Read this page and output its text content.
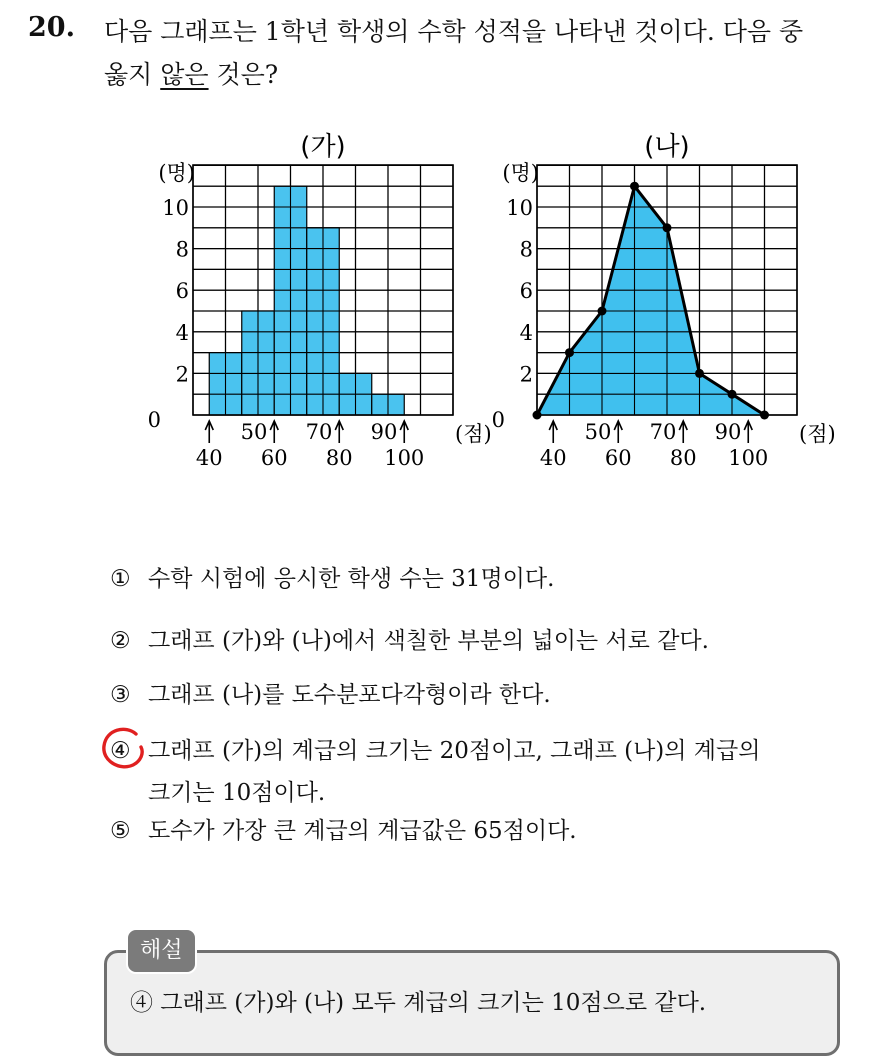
20. 다음 그래프는 1학년 학생의 수학 성적을 나타낸 것이다. 다음 중
옳지 않은 것은?
(가)
(명)
0
2
4
6
8
10
50 70 90
40 60 80 100
(점)
(나)
(명)
0
2
4
6
8
10
50 70 90
40 60 80 100
(점)
① 수학 시험에 응시한 학생 수는 31명이다.
② 그래프 (가)와 (나)에서 색칠한 부분의 넓이는 서로 같다.
③ 그래프 (나)를 도수분포다각형이라 한다.
④ 그래프 (가)의 계급의 크기는 20점이고, 그래프 (나)의 계급의
크기는 10점이다.
⑤ 도수가 가장 큰 계급의 계급값은 65점이다.
해설
④ 그래프 (가)와 (나) 모두 계급의 크기는 10점으로 같다.
